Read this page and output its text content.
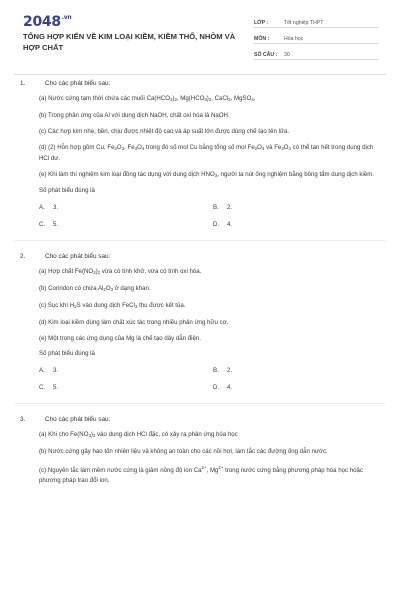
$2048^{.vn}$
TỔNG HỢP KIẾN VỀ KIM LOẠI KIỀM, KIỀM THỔ, NHÔM VÀ HỢP CHẤT
LỚP :	Tốt nghiệp THPT
MÔN :	Hóa học
SỐ CÂU :	30
1.	Cho các phát biểu sau:
(a) Nước cứng tạm thời chứa các muối $Ca(HCO_3)_2$, $Mg(HCO_3)_2$, CaCl$_2$, MgSO$_4$.
(b) Trong phản ứng của Al với dung dịch NaOH, chất oxi hóa là NaOH.
(c) Các hợp kim nhẹ, bền, chịu được nhiệt độ cao và áp suất lớn được dùng chế tạo tên lửa.
(d) (2) Hỗn hợp gồm Cu, $Fe_2O_3$, $Fe_3O_4$ trong đó số mol Cu bằng tổng số mol $Fe_2O_3$ và $Fe_3O_4$ có thể tan hết trong dung dịch HCl dư.
(e) Khi làm thí nghiệm kim loại đồng tác dụng với dung dịch $HNO_3$, người ta nút ống nghiệm bằng bông tẩm dung dịch kiềm.
Số phát biểu đúng là
A.	3.	B.	2.
C.	5.	D.	4.
2.	Cho các phát biểu sau:
(a) Hợp chất $Fe(NO_3)_2$ vừa có tính khử, vừa có tính oxi hóa.
(b) Corindon có chứa $Al_2O_3$ ở dạng khan.
(c) Sục khí $H_2S$ vào dung dịch FeCl$_3$ thu được kết tủa.
(d) Kim loại kiềm dùng làm chất xúc tác trong nhiều phản ứng hữu cơ.
(e) Một trong các ứng dụng của Mg là chế tạo dây dẫn điện.
Số phát biểu đúng là
A.	3.	B.	2.
C.	5.	D.	4.
3.	Cho các phát biểu sau:
(a) Khi cho $Fe(NO_3)_2$ vào dung dịch HCl đặc, có xảy ra phản ứng hóa học
(b) Nước cứng gây hao tốn nhiên liệu và không an toàn cho các nồi hơi, làm tắc các đường ống dẫn nước.
(c) Nguyên tắc làm mềm nước cứng là giảm nồng độ ion $Ca^{2+}$, $Mg^{2+}$ trong nước cứng bằng phương pháp hóa học hoặc phương pháp trao đổi ion.
